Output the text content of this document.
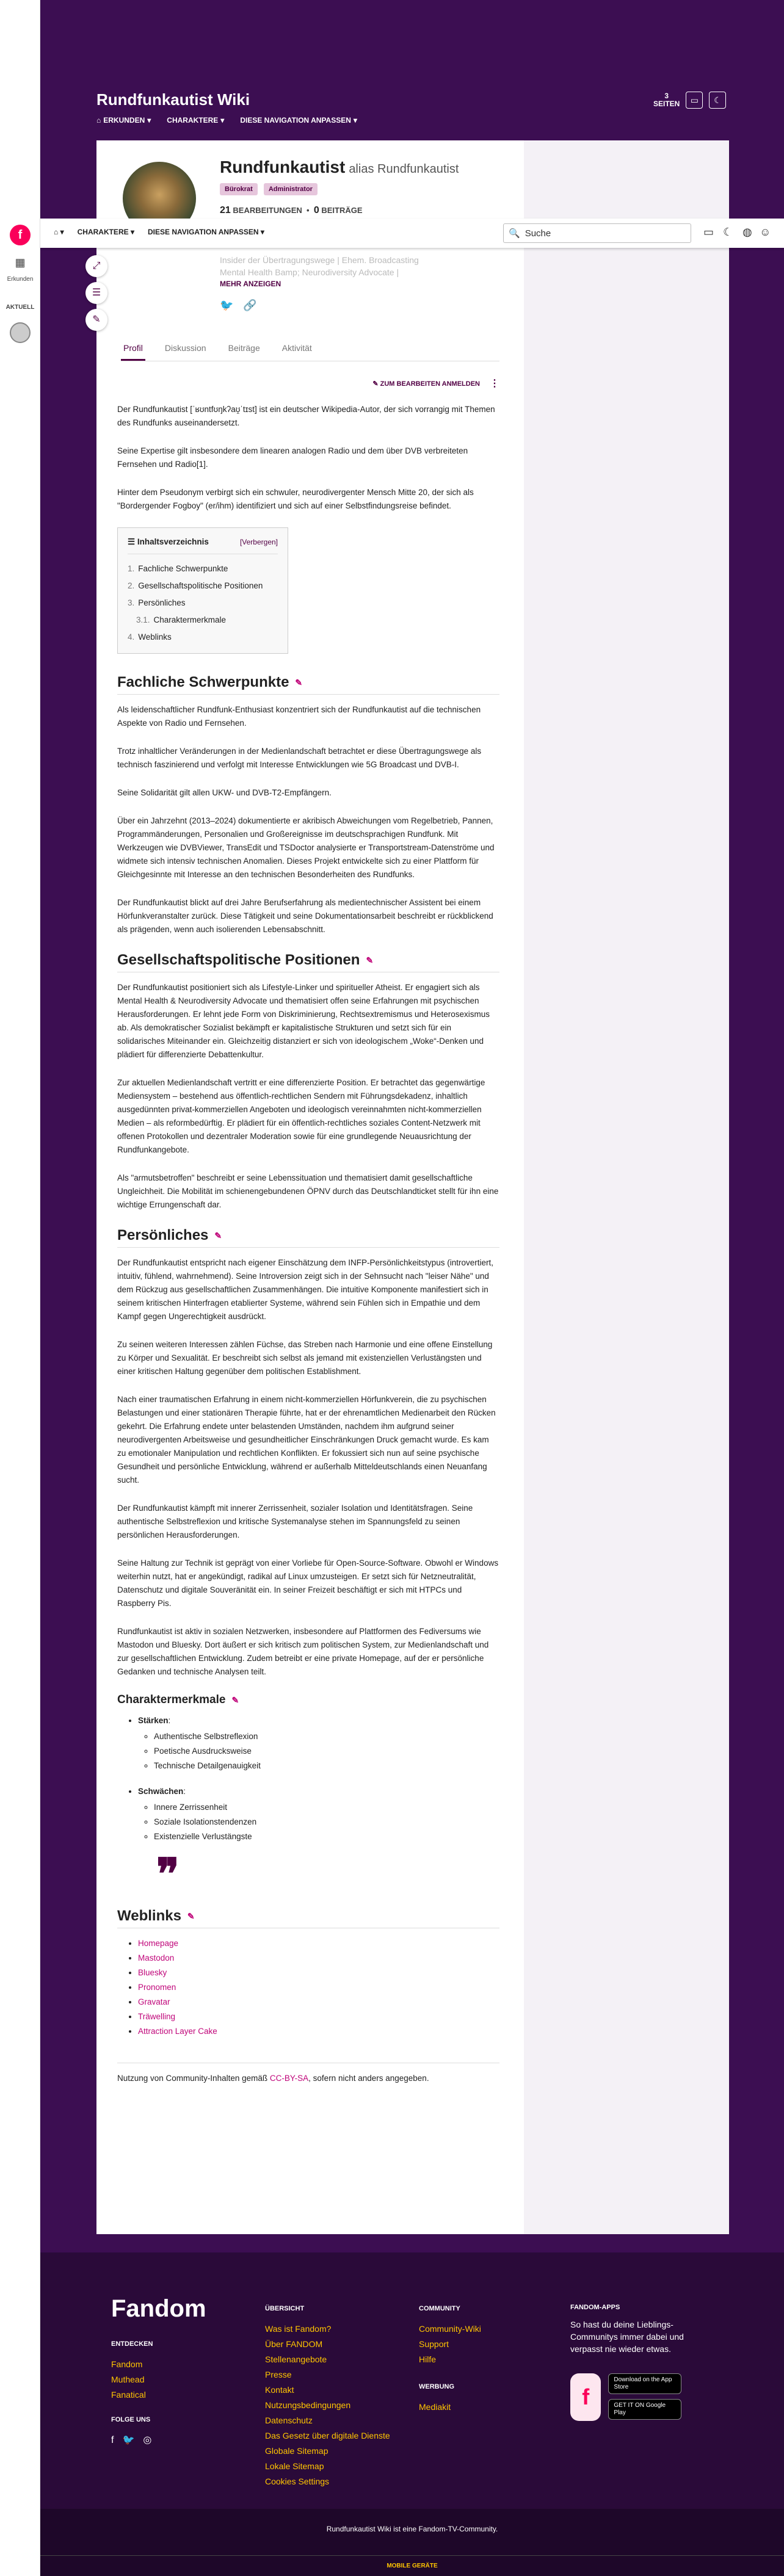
f
▦
Erkunden
AKTUELL
Rundfunkautist Wiki
⌂ ERKUNDEN ▾ CHARAKTERE ▾ DIESE NAVIGATION ANPASSEN ▾
3
SEITEN	▭	☾
Rundfunkautist alias Rundfunkautist
Bürokrat	Administrator
21 BEARBEITUNGEN  •  0 BEITRÄGE
Insider der Übertragungswege | Ehem. Broadcasting
Mental Health Bamp; Neurodiversity Advocate |
MEHR ANZEIGEN
🐦 🔗
Profil	Diskussion	Beiträge	Aktivität
✎ ZUM BEARBEITEN ANMELDEN ⋮

Der Rundfunkautist [ˈʁʊntfʊŋkʔaʊ̯ˈtɪst] ist ein deutscher Wikipedia-Autor, der sich vorrangig mit Themen des Rundfunks auseinandersetzt.

Seine Expertise gilt insbesondere dem linearen analogen Radio und dem über DVB verbreiteten Fernsehen und Radio[1].

Hinter dem Pseudonym verbirgt sich ein schwuler, neurodivergenter Mensch Mitte 20, der sich als "Bordergender Fogboy" (er/ihm) identifiziert und sich auf einer Selbstfindungsreise befindet.

☰ Inhaltsverzeichnis	[Verbergen]
1. Fachliche Schwerpunkte
2. Gesellschaftspolitische Positionen
3. Persönliches
3.1. Charaktermerkmale
4. Weblinks
Fachliche Schwerpunkte ✎

Als leidenschaftlicher Rundfunk-Enthusiast konzentriert sich der Rundfunkautist auf die technischen Aspekte von Radio und Fernsehen.

Trotz inhaltlicher Veränderungen in der Medienlandschaft betrachtet er diese Übertragungswege als technisch faszinierend und verfolgt mit Interesse Entwicklungen wie 5G Broadcast und DVB-I.

Seine Solidarität gilt allen UKW- und DVB-T2-Empfängern.

Über ein Jahrzehnt (2013–2024) dokumentierte er akribisch Abweichungen vom Regelbetrieb, Pannen, Programmänderungen, Personalien und Großereignisse im deutschsprachigen Rundfunk. Mit Werkzeugen wie DVBViewer, TransEdit und TSDoctor analysierte er Transportstream-Datenströme und widmete sich intensiv technischen Anomalien. Dieses Projekt entwickelte sich zu einer Plattform für Gleichgesinnte mit Interesse an den technischen Besonderheiten des Rundfunks.

Der Rundfunkautist blickt auf drei Jahre Berufserfahrung als medientechnischer Assistent bei einem Hörfunkveranstalter zurück. Diese Tätigkeit und seine Dokumentationsarbeit beschreibt er rückblickend als prägenden, wenn auch isolierenden Lebensabschnitt.

Gesellschaftspolitische Positionen ✎

Der Rundfunkautist positioniert sich als Lifestyle-Linker und spiritueller Atheist. Er engagiert sich als Mental Health & Neurodiversity Advocate und thematisiert offen seine Erfahrungen mit psychischen Herausforderungen. Er lehnt jede Form von Diskriminierung, Rechtsextremismus und Heterosexismus ab. Als demokratischer Sozialist bekämpft er kapitalistische Strukturen und setzt sich für ein solidarisches Miteinander ein. Gleichzeitig distanziert er sich von ideologischem „Woke“-Denken und plädiert für differenzierte Debattenkultur.

Zur aktuellen Medienlandschaft vertritt er eine differenzierte Position. Er betrachtet das gegenwärtige Mediensystem – bestehend aus öffentlich-rechtlichen Sendern mit Führungsdekadenz, inhaltlich ausgedünnten privat-kommerziellen Angeboten und ideologisch vereinnahmten nicht-kommerziellen Medien – als reformbedürftig. Er plädiert für ein öffentlich-rechtliches soziales Content-Netzwerk mit offenen Protokollen und dezentraler Moderation sowie für eine grundlegende Neuausrichtung der Rundfunkangebote.

Als "armutsbetroffen" beschreibt er seine Lebenssituation und thematisiert damit gesellschaftliche Ungleichheit. Die Mobilität im schienengebundenen ÖPNV durch das Deutschlandticket stellt für ihn eine wichtige Errungenschaft dar.

Persönliches ✎

Der Rundfunkautist entspricht nach eigener Einschätzung dem INFP-Persönlichkeitstypus (introvertiert, intuitiv, fühlend, wahrnehmend). Seine Introversion zeigt sich in der Sehnsucht nach "leiser Nähe" und dem Rückzug aus gesellschaftlichen Zusammenhängen. Die intuitive Komponente manifestiert sich in seinem kritischen Hinterfragen etablierter Systeme, während sein Fühlen sich in Empathie und dem Kampf gegen Ungerechtigkeit ausdrückt.

Zu seinen weiteren Interessen zählen Füchse, das Streben nach Harmonie und eine offene Einstellung zu Körper und Sexualität. Er beschreibt sich selbst als jemand mit existenziellen Verlustängsten und einer kritischen Haltung gegenüber dem politischen Establishment.

Nach einer traumatischen Erfahrung in einem nicht-kommerziellen Hörfunkverein, die zu psychischen Belastungen und einer stationären Therapie führte, hat er der ehrenamtlichen Medienarbeit den Rücken gekehrt. Die Erfahrung endete unter belastenden Umständen, nachdem ihm aufgrund seiner neurodivergenten Arbeitsweise und gesundheitlicher Einschränkungen Druck gemacht wurde. Es kam zu emotionaler Manipulation und rechtlichen Konflikten. Er fokussiert sich nun auf seine psychische Gesundheit und persönliche Entwicklung, während er außerhalb Mitteldeutschlands einen Neuanfang sucht.

Der Rundfunkautist kämpft mit innerer Zerrissenheit, sozialer Isolation und Identitätsfragen. Seine authentische Selbstreflexion und kritische Systemanalyse stehen im Spannungsfeld zu seinen persönlichen Herausforderungen.

Seine Haltung zur Technik ist geprägt von einer Vorliebe für Open-Source-Software. Obwohl er Windows weiterhin nutzt, hat er angekündigt, radikal auf Linux umzusteigen. Er setzt sich für Netzneutralität, Datenschutz und digitale Souveränität ein. In seiner Freizeit beschäftigt er sich mit HTPCs und Raspberry Pis.

Rundfunkautist ist aktiv in sozialen Netzwerken, insbesondere auf Plattformen des Fediversums wie Mastodon und Bluesky. Dort äußert er sich kritisch zum politischen System, zur Medienlandschaft und zur gesellschaftlichen Entwicklung. Zudem betreibt er eine private Homepage, auf der er persönliche Gedanken und technische Analysen teilt.

Charaktermerkmale ✎
• Stärken:
◦ Authentische Selbstreflexion
◦ Poetische Ausdrucksweise
◦ Technische Detailgenauigkeit
• Schwächen:
◦ Innere Zerrissenheit
◦ Soziale Isolationstendenzen
◦ Existenzielle Verlustängste
❞
Weblinks ✎
• Homepage
• Mastodon
• Bluesky
• Pronomen
• Gravatar
• Träwelling
• Attraction Layer Cake

Nutzung von Community-Inhalten gemäß CC-BY-SA, sofern nicht anders angegeben.

⤢
☰
✎
⌂ ▾ CHARAKTERE ▾ DIESE NAVIGATION ANPASSEN ▾	🔍 Suche	▭ ☾ ◍ ☺
Fandom
ENTDECKEN
Fandom
Muthead
Fanatical
FOLGE UNS
f 🐦 ◎
ÜBERSICHT
Was ist Fandom?
Über FANDOM
Stellenangebote
Presse
Kontakt
Nutzungsbedingungen
Datenschutz
Das Gesetz über digitale Dienste
Globale Sitemap
Lokale Sitemap
Cookies Settings
COMMUNITY
Community-Wiki
Support
Hilfe
WERBUNG
Mediakit
FANDOM-APPS
So hast du deine Lieblings-Communitys immer dabei und verpasst nie wieder etwas.
f
Download on the App Store GET IT ON Google Play
Rundfunkautist Wiki ist eine Fandom-TV-Community.
MOBILE GERÄTE
